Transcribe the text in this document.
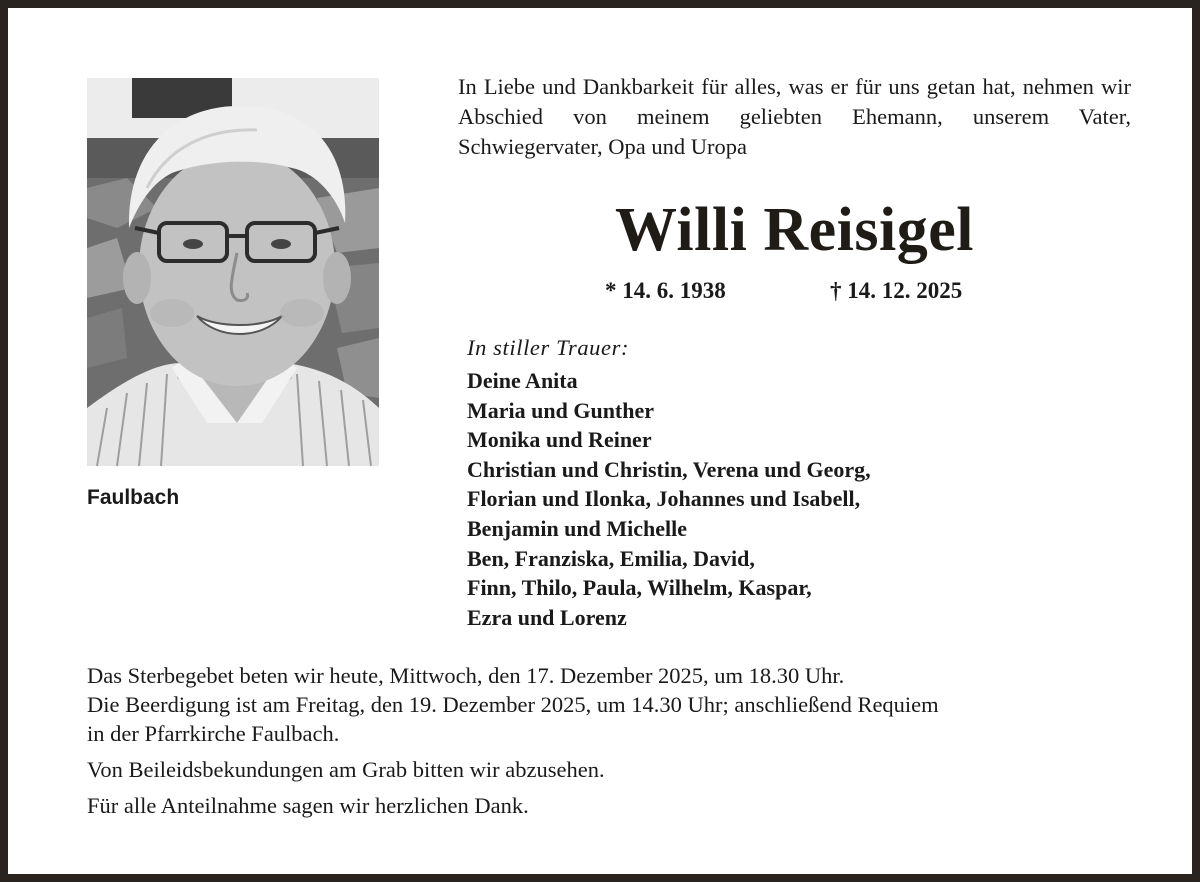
Faulbach
In Liebe und Dankbarkeit für alles, was er für uns getan hat, nehmen wir Abschied von meinem geliebten Ehemann, unserem Vater, Schwiegervater, Opa und Uropa
Willi Reisigel
* 14. 6. 1938	† 14. 12. 2025
In stiller Trauer:
Deine Anita
Maria und Gunther
Monika und Reiner
Christian und Christin, Verena und Georg,
Florian und Ilonka, Johannes und Isabell,
Benjamin und Michelle
Ben, Franziska, Emilia, David,
Finn, Thilo, Paula, Wilhelm, Kaspar,
Ezra und Lorenz

Das Sterbegebet beten wir heute, Mittwoch, den 17. Dezember 2025, um 18.30 Uhr.

Die Beerdigung ist am Freitag, den 19. Dezember 2025, um 14.30 Uhr; anschließend Requiem

in der Pfarrkirche Faulbach.

Von Beileidsbekundungen am Grab bitten wir abzusehen.

Für alle Anteilnahme sagen wir herzlichen Dank.
